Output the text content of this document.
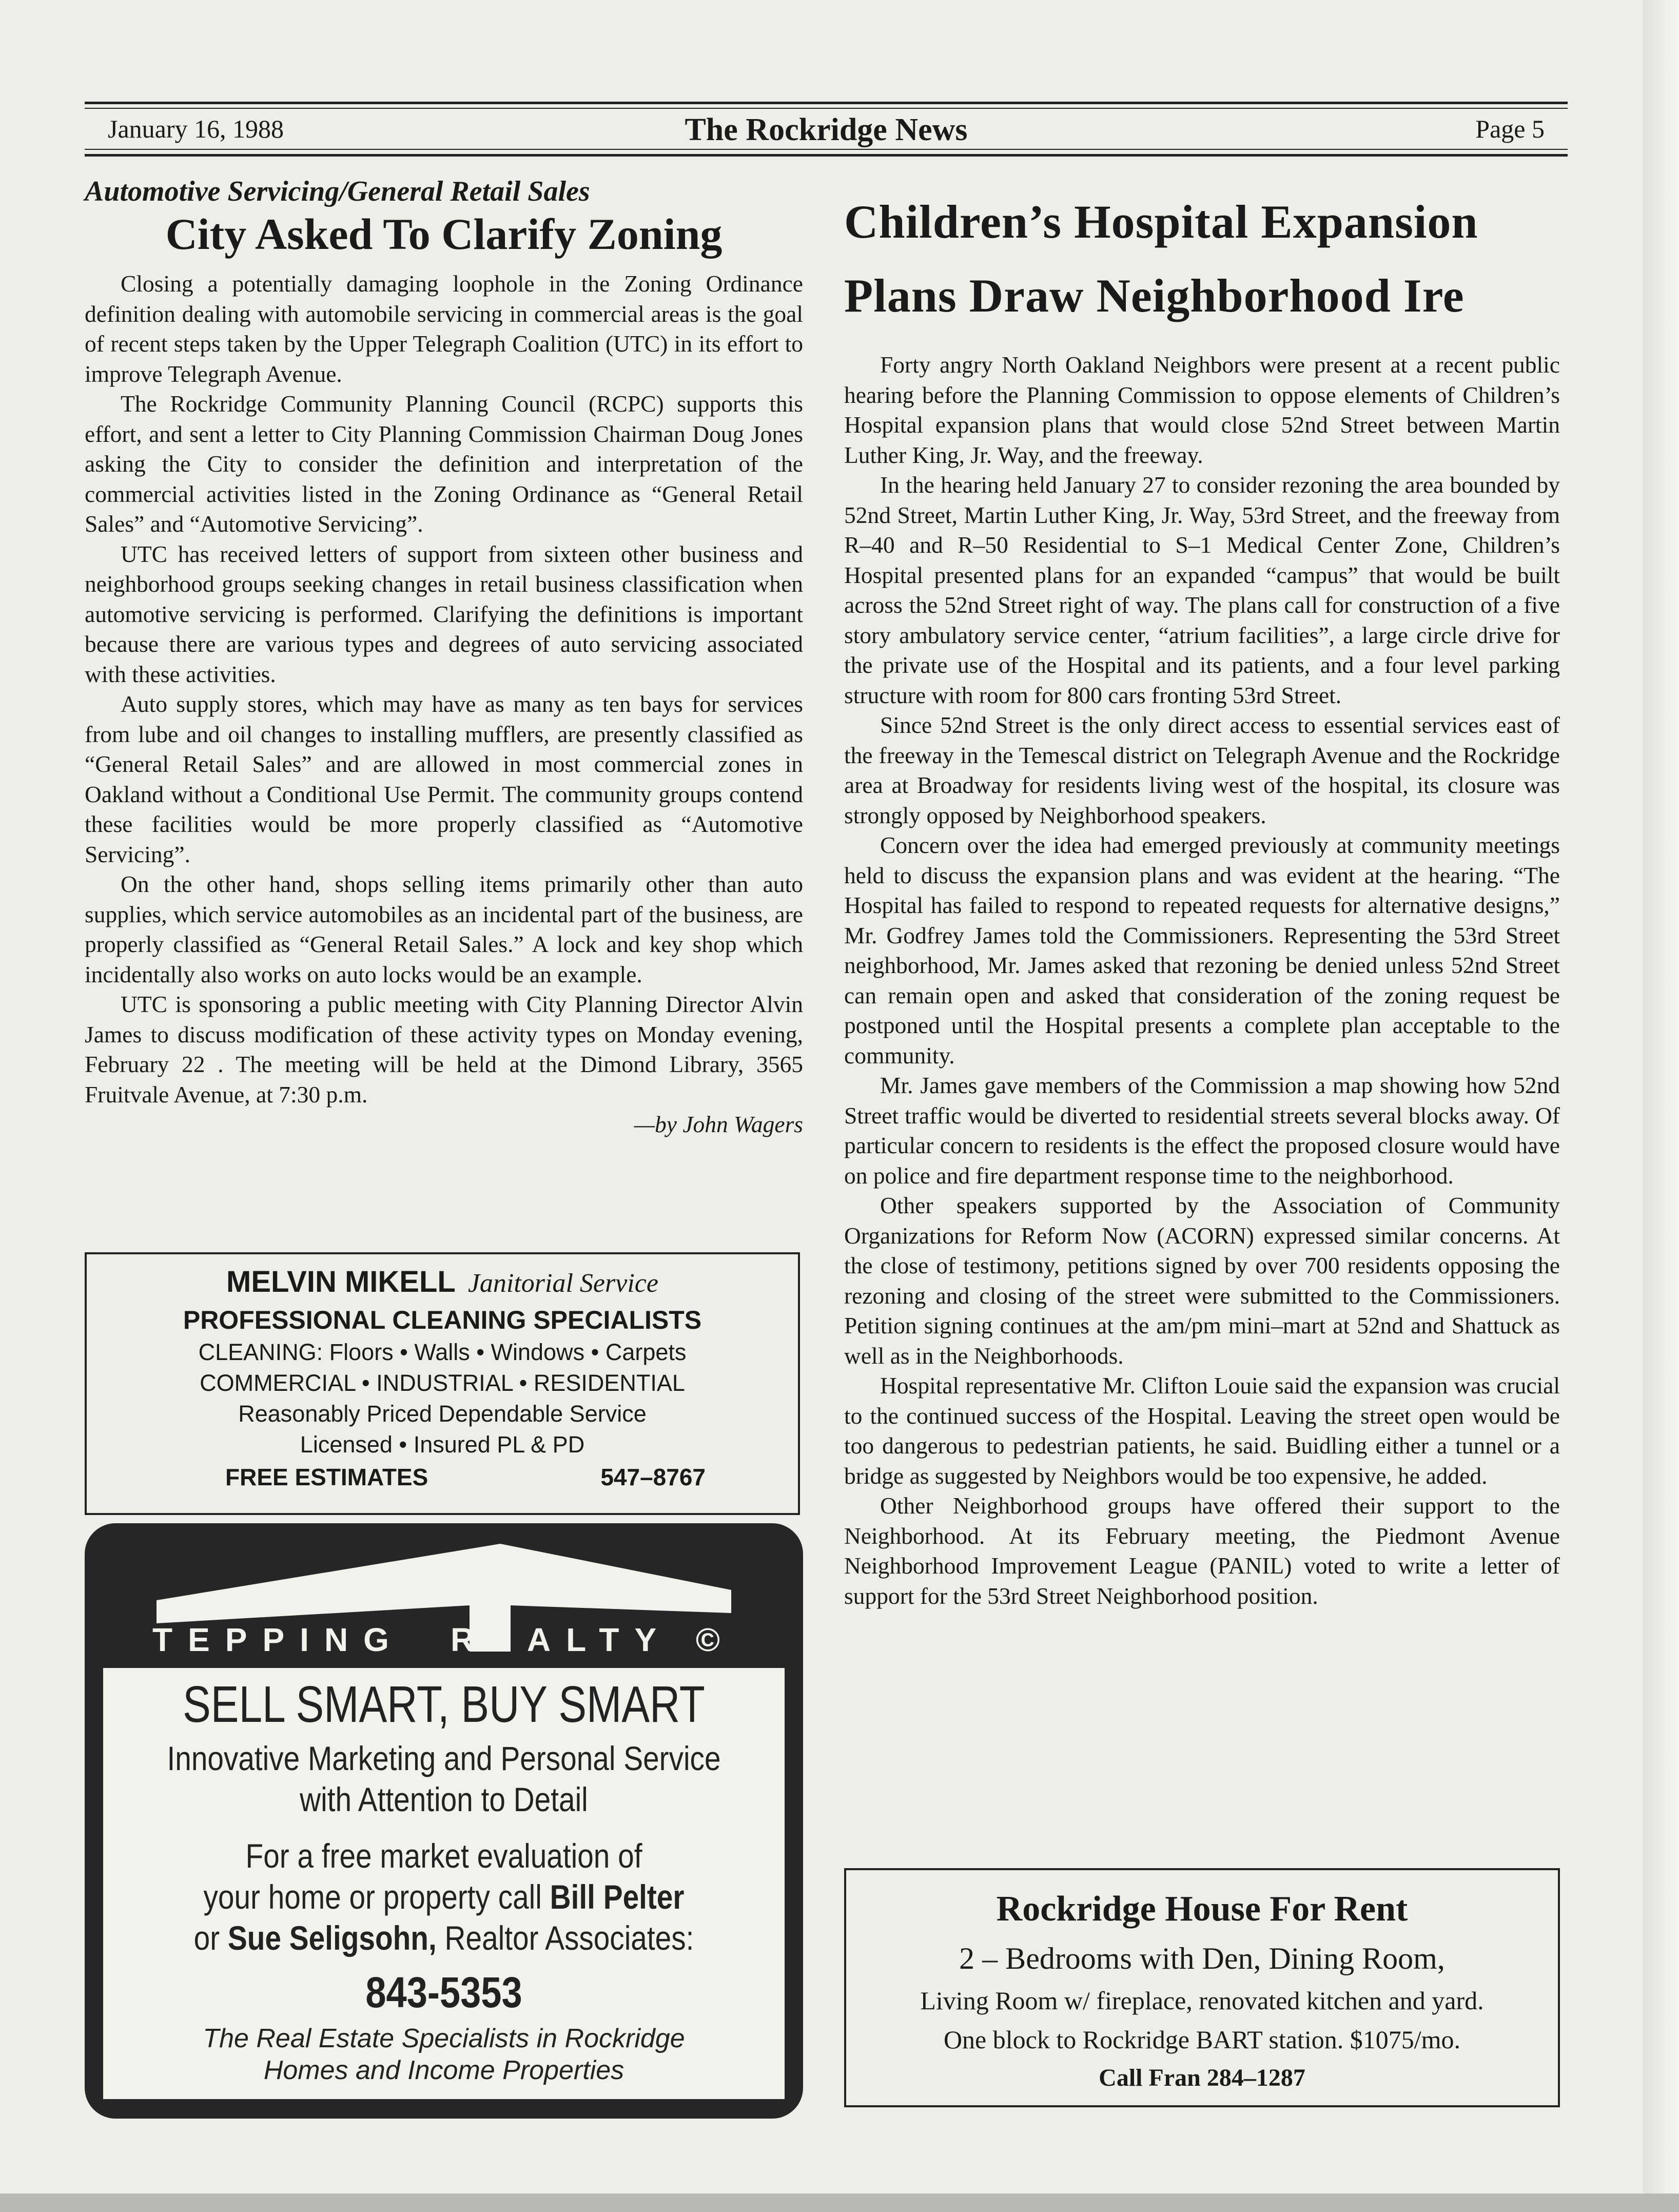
January 16, 1988	The Rockridge News	Page 5

Automotive Servicing/General Retail Sales

City Asked To Clarify Zoning

Closing a potentially damaging loophole in the Zoning Ordinance definition dealing with automobile servicing in commercial areas is the goal of recent steps taken by the Upper Telegraph Coalition (UTC) in its effort to improve Telegraph Avenue.

The Rockridge Community Planning Council (RCPC) supports this effort, and sent a letter to City Planning Commission Chairman Doug Jones asking the City to consider the definition and interpretation of the commercial activities listed in the Zoning Ordinance as “General Retail Sales” and “Automotive Servicing”.

UTC has received letters of support from sixteen other business and neighborhood groups seeking changes in retail business classification when automotive servicing is performed. Clarifying the definitions is important because there are various types and degrees of auto servicing associated with these activities.

Auto supply stores, which may have as many as ten bays for services from lube and oil changes to installing mufflers, are presently classified as “General Retail Sales” and are allowed in most commercial zones in Oakland without a Conditional Use Permit. The community groups contend these facilities would be more properly classified as “Automotive Servicing”.

On the other hand, shops selling items primarily other than auto supplies, which service automobiles as an incidental part of the business, are properly classified as “General Retail Sales.” A lock and key shop which incidentally also works on auto locks would be an example.

UTC is sponsoring a public meeting with City Planning Director Alvin James to discuss modification of these activity types on Monday evening, February 22 . The meeting will be held at the Dimond Library, 3565 Fruitvale Avenue, at 7:30 p.m.

—by John Wagers

MELVIN MIKELL Janitorial Service
PROFESSIONAL CLEANING SPECIALISTS
CLEANING: Floors • Walls • Windows • Carpets
COMMERCIAL • INDUSTRIAL • RESIDENTIAL
Reasonably Priced Dependable Service
Licensed • Insured PL & PD
FREE ESTIMATES	547–8767
TEPPING REALTY ©
SELL SMART, BUY SMART
Innovative Marketing and Personal Service
with Attention to Detail
For a free market evaluation of
your home or property call Bill Pelter
or Sue Seligsohn, Realtor Associates:
843-5353
The Real Estate Specialists in Rockridge
Homes and Income Properties
Children’s Hospital Expansion
Plans Draw Neighborhood Ire

Forty angry North Oakland Neighbors were present at a recent public hearing before the Planning Commission to oppose elements of Children’s Hospital expansion plans that would close 52nd Street between Martin Luther King, Jr. Way, and the freeway.

In the hearing held January 27 to consider rezoning the area bounded by 52nd Street, Martin Luther King, Jr. Way, 53rd Street, and the freeway from R–40 and R–50 Residential to S–1 Medical Center Zone, Children’s Hospital presented plans for an expanded “campus” that would be built across the 52nd Street right of way. The plans call for construction of a five story ambulatory service center, “atrium facilities”, a large circle drive for the private use of the Hospital and its patients, and a four level parking structure with room for 800 cars fronting 53rd Street.

Since 52nd Street is the only direct access to essential services east of the freeway in the Temescal district on Telegraph Avenue and the Rockridge area at Broadway for residents living west of the hospital, its closure was strongly opposed by Neighborhood speakers.

Concern over the idea had emerged previously at community meetings held to discuss the expansion plans and was evident at the hearing. “The Hospital has failed to respond to repeated requests for alternative designs,” Mr. Godfrey James told the Commissioners. Representing the 53rd Street neighborhood, Mr. James asked that rezoning be denied unless 52nd Street can remain open and asked that consideration of the zoning request be postponed until the Hospital presents a complete plan acceptable to the community.

Mr. James gave members of the Commission a map showing how 52nd Street traffic would be diverted to residential streets several blocks away. Of particular concern to residents is the effect the proposed closure would have on police and fire department response time to the neighborhood.

Other speakers supported by the Association of Community Organizations for Reform Now (ACORN) expressed similar concerns. At the close of testimony, petitions signed by over 700 residents opposing the rezoning and closing of the street were submitted to the Commissioners. Petition signing continues at the am/pm mini–mart at 52nd and Shattuck as well as in the Neighborhoods.

Hospital representative Mr. Clifton Louie said the expansion was crucial to the continued success of the Hospital. Leaving the street open would be too dangerous to pedestrian patients, he said. Buidling either a tunnel or a bridge as suggested by Neighbors would be too expensive, he added.

Other Neighborhood groups have offered their support to the Neighborhood. At its February meeting, the Piedmont Avenue Neighborhood Improvement League (PANIL) voted to write a letter of support for the 53rd Street Neighborhood position.

Rockridge House For Rent
2 – Bedrooms with Den, Dining Room,
Living Room w/ fireplace, renovated kitchen and yard.
One block to Rockridge BART station. $1075/mo.
Call Fran 284–1287
